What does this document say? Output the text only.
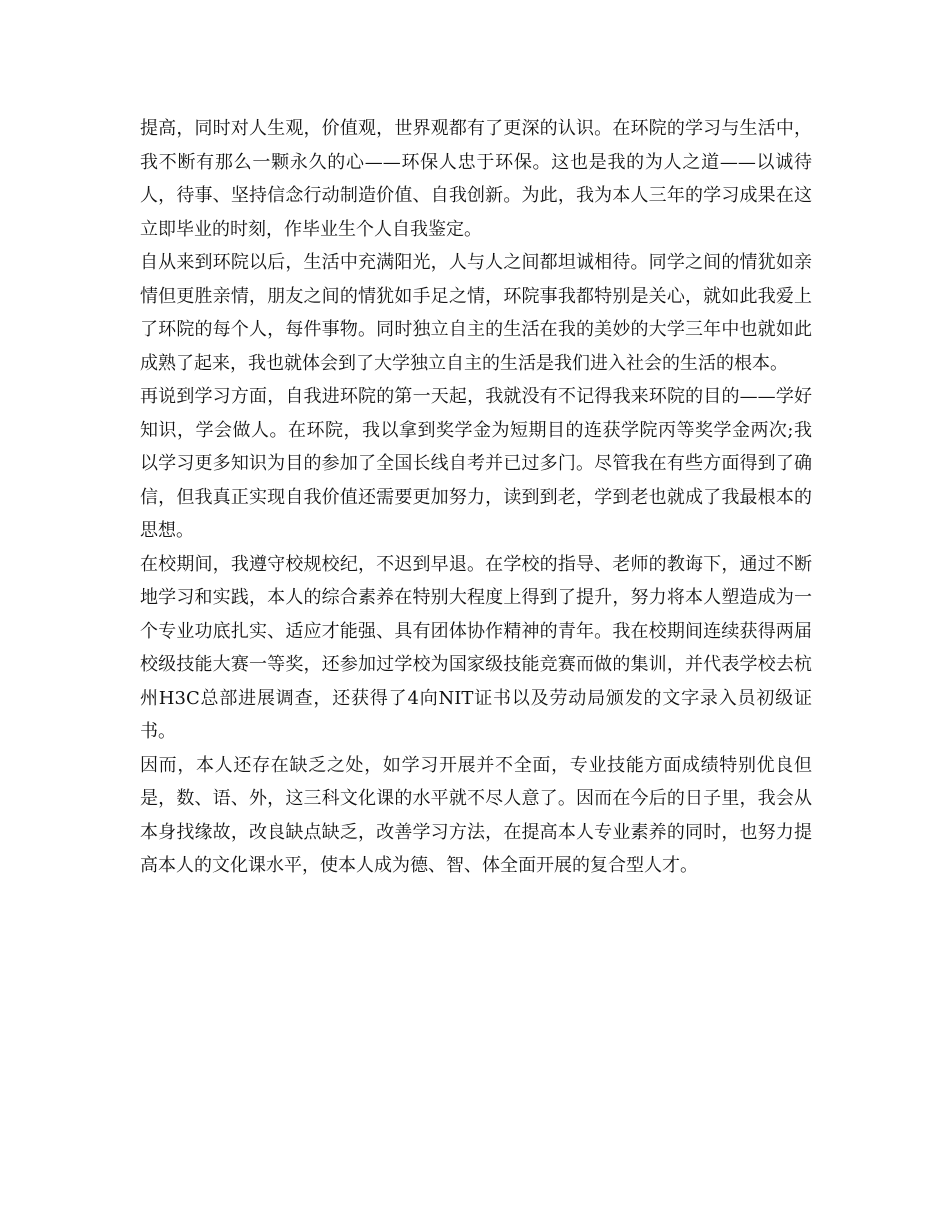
提高，同时对人生观，价值观，世界观都有了更深的认识。在环院的学习与生活中，我不断有那么一颗永久的心——环保人忠于环保。这也是我的为人之道——以诚待人，待事、坚持信念行动制造价值、自我创新。为此，我为本人三年的学习成果在这立即毕业的时刻，作毕业生个人自我鉴定。

自从来到环院以后，生活中充满阳光，人与人之间都坦诚相待。同学之间的情犹如亲情但更胜亲情，朋友之间的情犹如手足之情，环院事我都特别是关心，就如此我爱上了环院的每个人，每件事物。同时独立自主的生活在我的美妙的大学三年中也就如此成熟了起来，我也就体会到了大学独立自主的生活是我们进入社会的生活的根本。

再说到学习方面，自我进环院的第一天起，我就没有不记得我来环院的目的——学好知识，学会做人。在环院，我以拿到奖学金为短期目的连获学院丙等奖学金两次;我以学习更多知识为目的参加了全国长线自考并已过多门。尽管我在有些方面得到了确信，但我真正实现自我价值还需要更加努力，读到到老，学到老也就成了我最根本的思想。

在校期间，我遵守校规校纪，不迟到早退。在学校的指导、老师的教诲下，通过不断地学习和实践，本人的综合素养在特别大程度上得到了提升，努力将本人塑造成为一个专业功底扎实、适应才能强、具有团体协作精神的青年。我在校期间连续获得两届校级技能大赛一等奖，还参加过学校为国家级技能竞赛而做的集训，并代表学校去杭州H3C总部进展调查，还获得了4向NIT证书以及劳动局颁发的文字录入员初级证书。

因而，本人还存在缺乏之处，如学习开展并不全面，专业技能方面成绩特别优良但是，数、语、外，这三科文化课的水平就不尽人意了。因而在今后的日子里，我会从本身找缘故，改良缺点缺乏，改善学习方法，在提高本人专业素养的同时，也努力提高本人的文化课水平，使本人成为德、智、体全面开展的复合型人才。
